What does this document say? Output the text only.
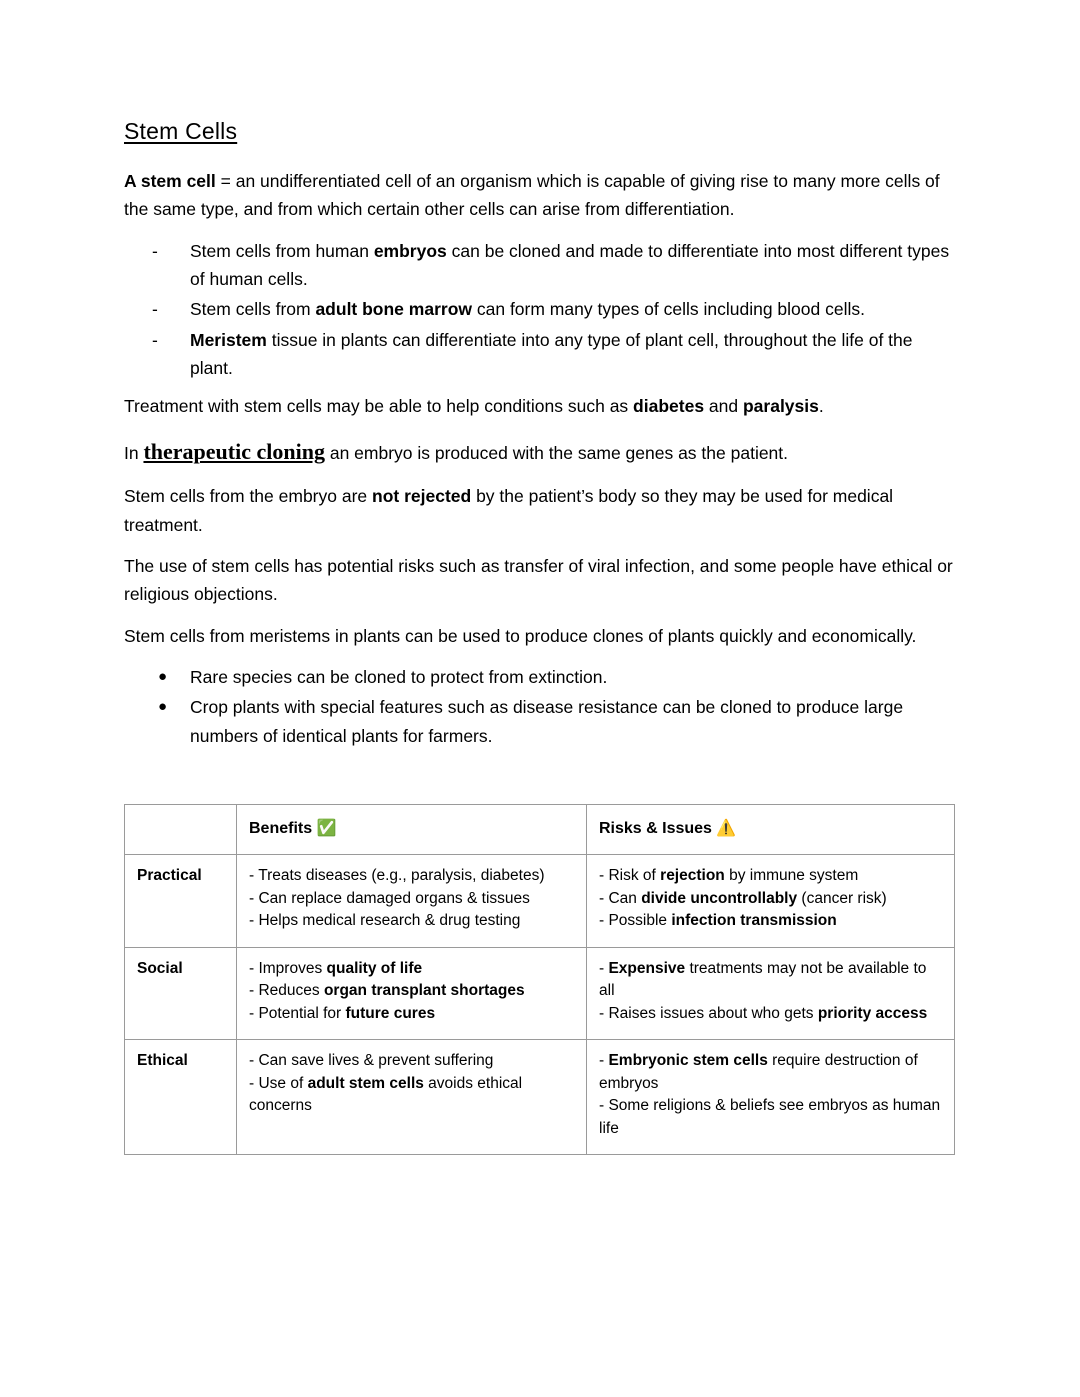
Stem Cells

A stem cell = an undifferentiated cell of an organism which is capable of giving rise to many more cells of the same type, and from which certain other cells can arise from differentiation.

- Stem cells from human embryos can be cloned and made to differentiate into most different types of human cells.
- Stem cells from adult bone marrow can form many types of cells including blood cells.
- Meristem tissue in plants can differentiate into any type of plant cell, throughout the life of the plant.

Treatment with stem cells may be able to help conditions such as diabetes and paralysis.

In therapeutic cloning an embryo is produced with the same genes as the patient.

Stem cells from the embryo are not rejected by the patient’s body so they may be used for medical treatment.

The use of stem cells has potential risks such as transfer of viral infection, and some people have ethical or religious objections.

Stem cells from meristems in plants can be used to produce clones of plants quickly and economically.

● Rare species can be cloned to protect from extinction.
● Crop plants with special features such as disease resistance can be cloned to produce large numbers of identical plants for farmers.
	Benefits ✅	Risks & Issues ⚠️
Practical	- Treats diseases (e.g., paralysis, diabetes)
- Can replace damaged organs & tissues
- Helps medical research & drug testing	- Risk of rejection by immune system
- Can divide uncontrollably (cancer risk)
- Possible infection transmission

Social	- Improves quality of life
- Reduces organ transplant shortages
- Potential for future cures	- Expensive treatments may not be available to all
- Raises issues about who gets priority access

Ethical	- Can save lives & prevent suffering
- Use of adult stem cells avoids ethical concerns	- Embryonic stem cells require destruction of embryos
- Some religions & beliefs see embryos as human life
